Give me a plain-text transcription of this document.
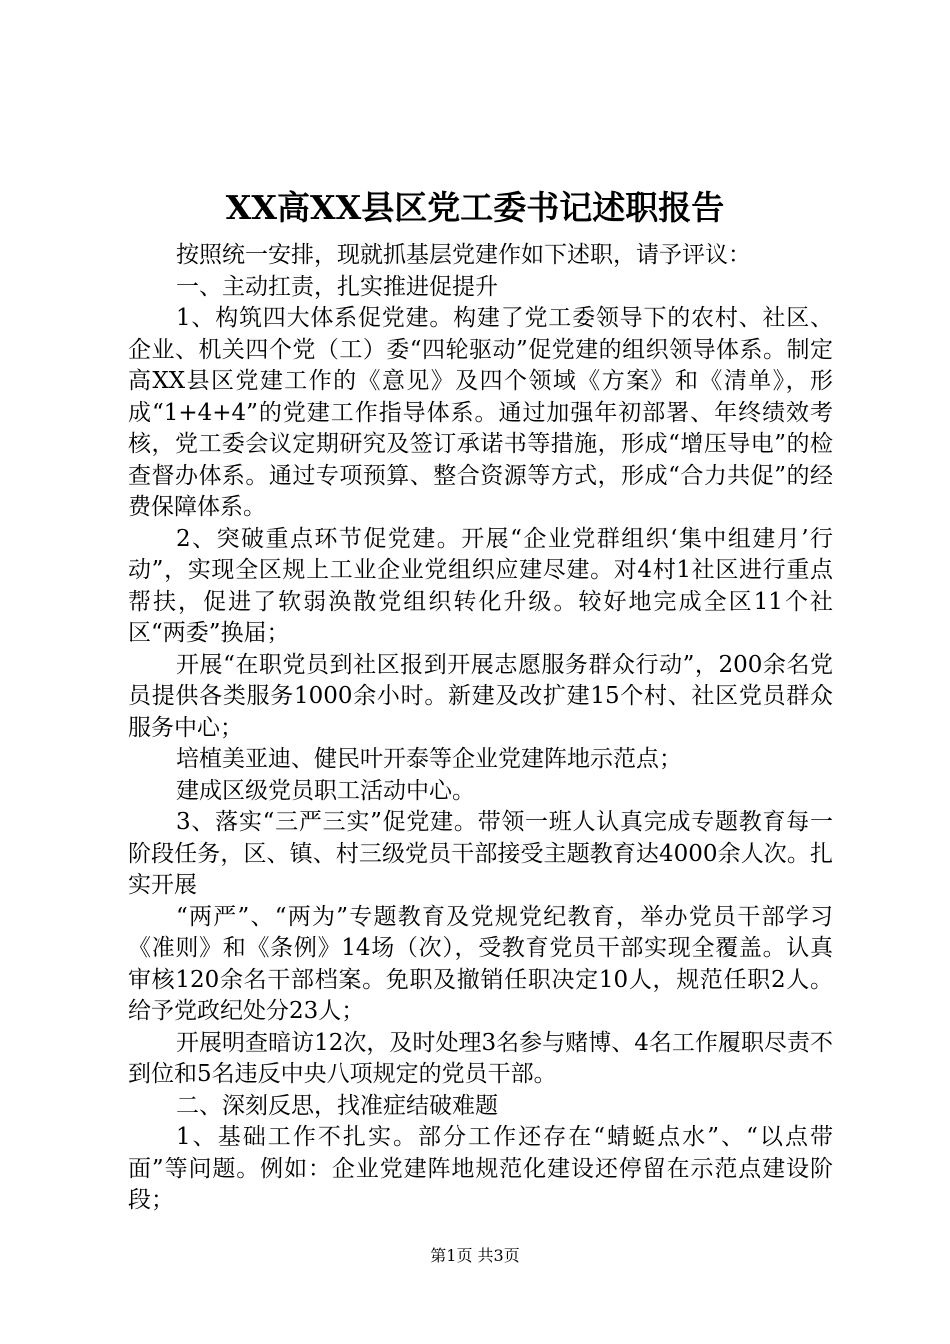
XX高XX县区党工委书记述职报告

按照统一安排，现就抓基层党建作如下述职，请予评议：

一、主动扛责，扎实推进促提升

1、构筑四大体系促党建。构建了党工委领导下的农村、社区、企业、机关四个党（工）委“四轮驱动”促党建的组织领导体系。制定高XX县区党建工作的《意见》及四个领域《方案》和《清单》，形成“1+4+4”的党建工作指导体系。通过加强年初部署、年终绩效考核，党工委会议定期研究及签订承诺书等措施，形成“增压导电”的检查督办体系。通过专项预算、整合资源等方式，形成“合力共促”的经费保障体系。

2、突破重点环节促党建。开展“企业党群组织‘集中组建月’行动”，实现全区规上工业企业党组织应建尽建。对4村1社区进行重点帮扶，促进了软弱涣散党组织转化升级。较好地完成全区11个社区“两委”换届；

开展“在职党员到社区报到开展志愿服务群众行动”，200余名党员提供各类服务1000余小时。新建及改扩建15个村、社区党员群众服务中心；

培植美亚迪、健民叶开泰等企业党建阵地示范点；

建成区级党员职工活动中心。

3、落实“三严三实”促党建。带领一班人认真完成专题教育每一阶段任务，区、镇、村三级党员干部接受主题教育达4000余人次。扎实开展

“两严”、“两为”专题教育及党规党纪教育，举办党员干部学习《准则》和《条例》14场（次），受教育党员干部实现全覆盖。认真审核120余名干部档案。免职及撤销任职决定10人，规范任职2人。给予党政纪处分23人；

开展明查暗访12次，及时处理3名参与赌博、4名工作履职尽责不到位和5名违反中央八项规定的党员干部。

二、深刻反思，找准症结破难题

1、基础工作不扎实。部分工作还存在“蜻蜓点水”、“以点带面”等问题。例如：企业党建阵地规范化建设还停留在示范点建设阶段；

第1页 共3页
